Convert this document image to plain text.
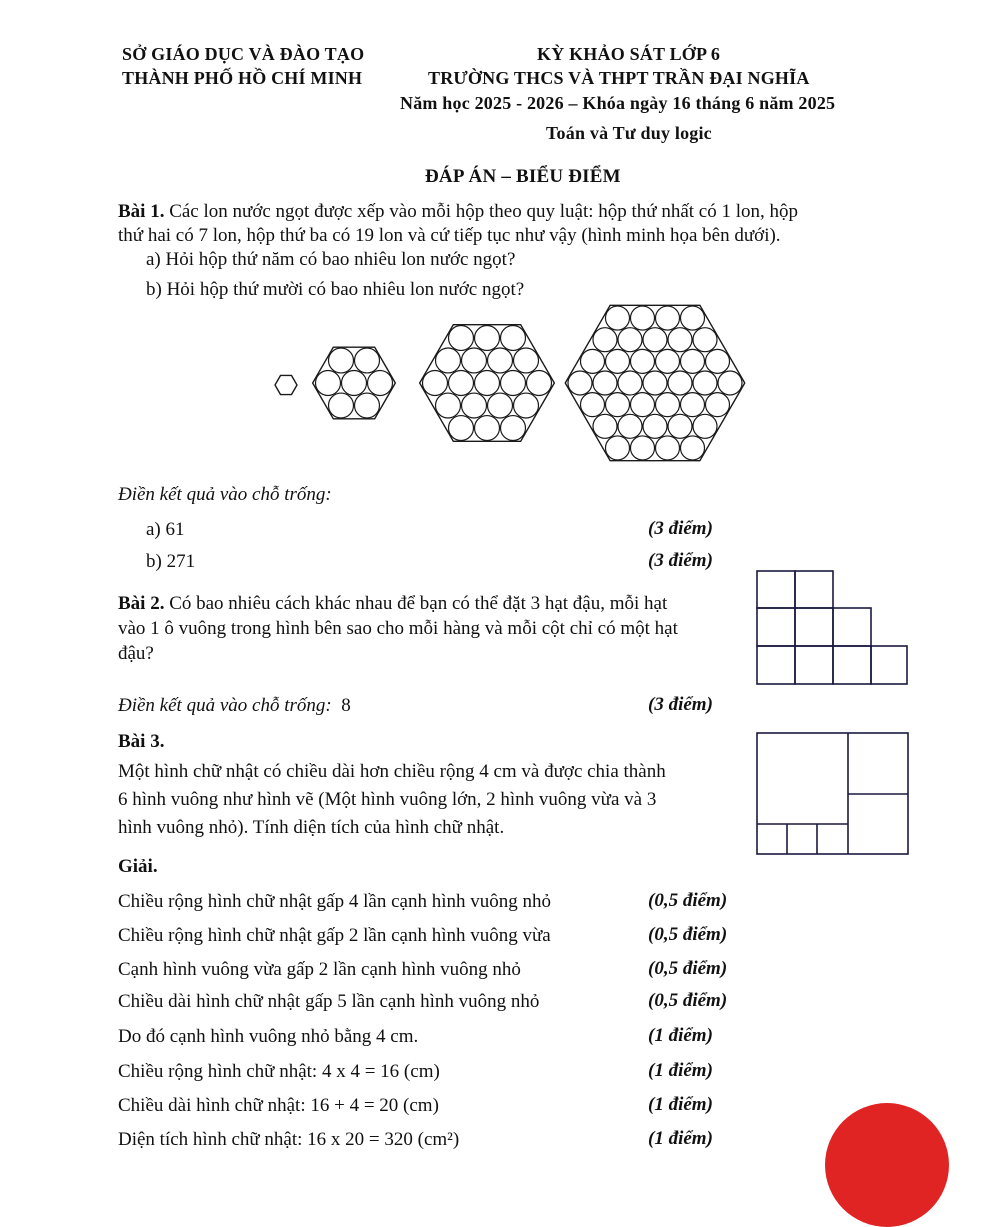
SỞ GIÁO DỤC VÀ ĐÀO TẠO
THÀNH PHỐ HỒ CHÍ MINH
KỲ KHẢO SÁT LỚP 6
TRƯỜNG THCS VÀ THPT TRẦN ĐẠI NGHĨA
Năm học 2025 - 2026 – Khóa ngày 16 tháng 6 năm 2025
Toán và Tư duy logic
ĐÁP ÁN – BIỂU ĐIỂM
Bài 1. Các lon nước ngọt được xếp vào mỗi hộp theo quy luật: hộp thứ nhất có 1 lon, hộp
thứ hai có 7 lon, hộp thứ ba có 19 lon và cứ tiếp tục như vậy (hình minh họa bên dưới).
a) Hỏi hộp thứ năm có bao nhiêu lon nước ngọt?
b) Hỏi hộp thứ mười có bao nhiêu lon nước ngọt?
Điền kết quả vào chỗ trống:
a) 61	(3 điểm)
b) 271	(3 điểm)
Bài 2. Có bao nhiêu cách khác nhau để bạn có thể đặt 3 hạt đậu, mỗi hạt
vào 1 ô vuông trong hình bên sao cho mỗi hàng và mỗi cột chỉ có một hạt
đậu?
Điền kết quả vào chỗ trống:  8	(3 điểm)
Bài 3.
Một hình chữ nhật có chiều dài hơn chiều rộng 4 cm và được chia thành
6 hình vuông như hình vẽ (Một hình vuông lớn, 2 hình vuông vừa và 3
hình vuông nhỏ). Tính diện tích của hình chữ nhật.
Giải.
Chiều rộng hình chữ nhật gấp 4 lần cạnh hình vuông nhỏ	(0,5 điểm)
Chiều rộng hình chữ nhật gấp 2 lần cạnh hình vuông vừa	(0,5 điểm)
Cạnh hình vuông vừa gấp 2 lần cạnh hình vuông nhỏ	(0,5 điểm)
Chiều dài hình chữ nhật gấp 5 lần cạnh hình vuông nhỏ	(0,5 điểm)
Do đó cạnh hình vuông nhỏ bằng 4 cm.	(1 điểm)
Chiều rộng hình chữ nhật: 4 x 4 = 16 (cm)	(1 điểm)
Chiều dài hình chữ nhật: 16 + 4 = 20 (cm)	(1 điểm)
Diện tích hình chữ nhật: 16 x 20 = 320 (cm²)	(1 điểm)
